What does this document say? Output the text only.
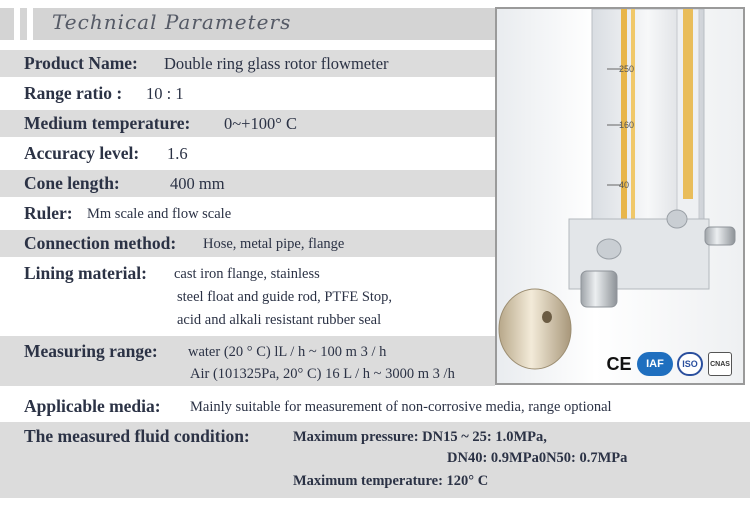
Technical Parameters
Product Name: Double ring glass rotor flowmeter
Range ratio : 10 : 1
Medium temperature: 0~+100° C
Accuracy level: 1.6
Cone length:	400 mm
Ruler: Mm scale and flow scale
Connection method: Hose, metal pipe, flange
Lining material: cast iron flange, stainless
steel float and guide rod, PTFE Stop,
acid and alkali resistant rubber seal
Measuring range: water (20 ° C) lL / h ~ 100 m 3 / h
Air (101325Pa, 20° C) 16 L / h ~ 3000 m 3 /h
Applicable media: Mainly suitable for measurement of non-corrosive media, range optional
The measured fluid condition:	Maximum pressure: DN15 ~ 25: 1.0MPa,
DN40: 0.9MPa0N50: 0.7MPa
Maximum temperature: 120° C
250
160
40
CE	IAF	ISO	CNAS
